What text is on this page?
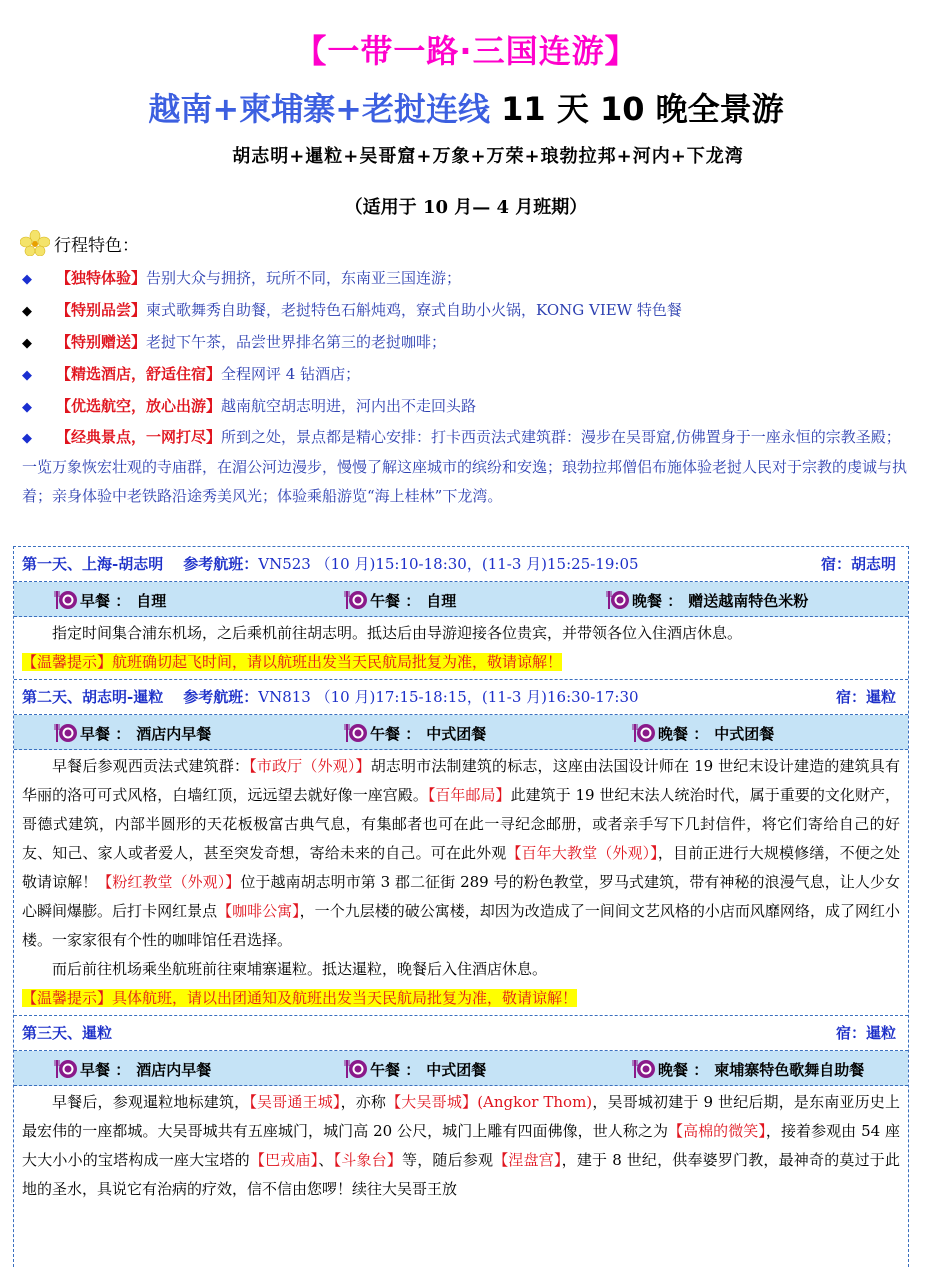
【一带一路·三国连游】
越南+柬埔寨+老挝连线 11 天 10 晚全景游
胡志明+暹粒+吴哥窟+万象+万荣+琅勃拉邦+河内+下龙湾
（适用于 10 月— 4 月班期）
行程特色：
◆ 【独特体验】告别大众与拥挤，玩所不同，东南亚三国连游；
◆ 【特别品尝】柬式歌舞秀自助餐，老挝特色石斛炖鸡，寮式自助小火锅，KONG VIEW 特色餐
◆ 【特别赠送】老挝下午茶，品尝世界排名第三的老挝咖啡；
◆ 【精选酒店，舒适住宿】全程网评 4 钻酒店；
◆ 【优选航空，放心出游】越南航空胡志明进，河内出不走回头路
◆ 【经典景点，一网打尽】所到之处，景点都是精心安排：打卡西贡法式建筑群：漫步在吴哥窟,仿佛置身于一座永恒的宗教圣殿；一览万象恢宏壮观的寺庙群，在湄公河边漫步，慢慢了解这座城市的缤纷和安逸；琅勃拉邦僧侣布施体验老挝人民对于宗教的虔诚与执着；亲身体验中老铁路沿途秀美风光；体验乘船游览“海上桂林”下龙湾。
第一天、上海-胡志明 参考航班：VN523 （10 月)15:10-18:30，(11-3 月)15:25-19:05	宿：胡志明
早餐 ： 自理	午餐 ： 自理	晚餐 ： 赠送越南特色米粉

指定时间集合浦东机场，之后乘机前往胡志明。抵达后由导游迎接各位贵宾，并带领各位入住酒店休息。

【温馨提示】航班确切起飞时间，请以航班出发当天民航局批复为准，敬请谅解！

第二天、胡志明-暹粒 参考航班：VN813 （10 月)17:15-18:15，(11-3 月)16:30-17:30	宿：暹粒
早餐 ： 酒店内早餐	午餐 ： 中式团餐	晚餐 ： 中式团餐

早餐后参观西贡法式建筑群：【市政厅（外观）】胡志明市法制建筑的标志，这座由法国设计师在 19 世纪末设计建造的建筑具有华丽的洛可可式风格，白墙红顶，远远望去就好像一座宫殿。【百年邮局】此建筑于 19 世纪末法人统治时代，属于重要的文化财产，哥德式建筑，内部半圆形的天花板极富古典气息，有集邮者也可在此一寻纪念邮册，或者亲手写下几封信件，将它们寄给自己的好友、知己、家人或者爱人，甚至突发奇想，寄给未来的自己。可在此外观【百年大教堂（外观）】，目前正进行大规模修缮，不便之处敬请谅解！【粉红教堂（外观）】位于越南胡志明市第 3 郡二征街 289 号的粉色教堂，罗马式建筑，带有神秘的浪漫气息，让人少女心瞬间爆膨。后打卡网红景点【咖啡公寓】，一个九层楼的破公寓楼，却因为改造成了一间间文艺风格的小店而风靡网络，成了网红小楼。一家家很有个性的咖啡馆任君选择。

而后前往机场乘坐航班前往柬埔寨暹粒。抵达暹粒，晚餐后入住酒店休息。

【温馨提示】具体航班，请以出团通知及航班出发当天民航局批复为准，敬请谅解！

第三天、暹粒	宿：暹粒
早餐 ： 酒店内早餐	午餐 ： 中式团餐	晚餐 ： 柬埔寨特色歌舞自助餐

早餐后，参观暹粒地标建筑，【吴哥通王城】，亦称【大吴哥城】(Angkor Thom)，吴哥城初建于 9 世纪后期，是东南亚历史上最宏伟的一座都城。大吴哥城共有五座城门，城门高 20 公尺，城门上雕有四面佛像，世人称之为【高棉的微笑】，接着参观由 54 座大大小小的宝塔构成一座大宝塔的【巴戎庙】、【斗象台】等，随后参观【涅盘宫】，建于 8 世纪，供奉婆罗门教，最神奇的莫过于此地的圣水，具说它有治病的疗效，信不信由您啰！续往大吴哥王放
